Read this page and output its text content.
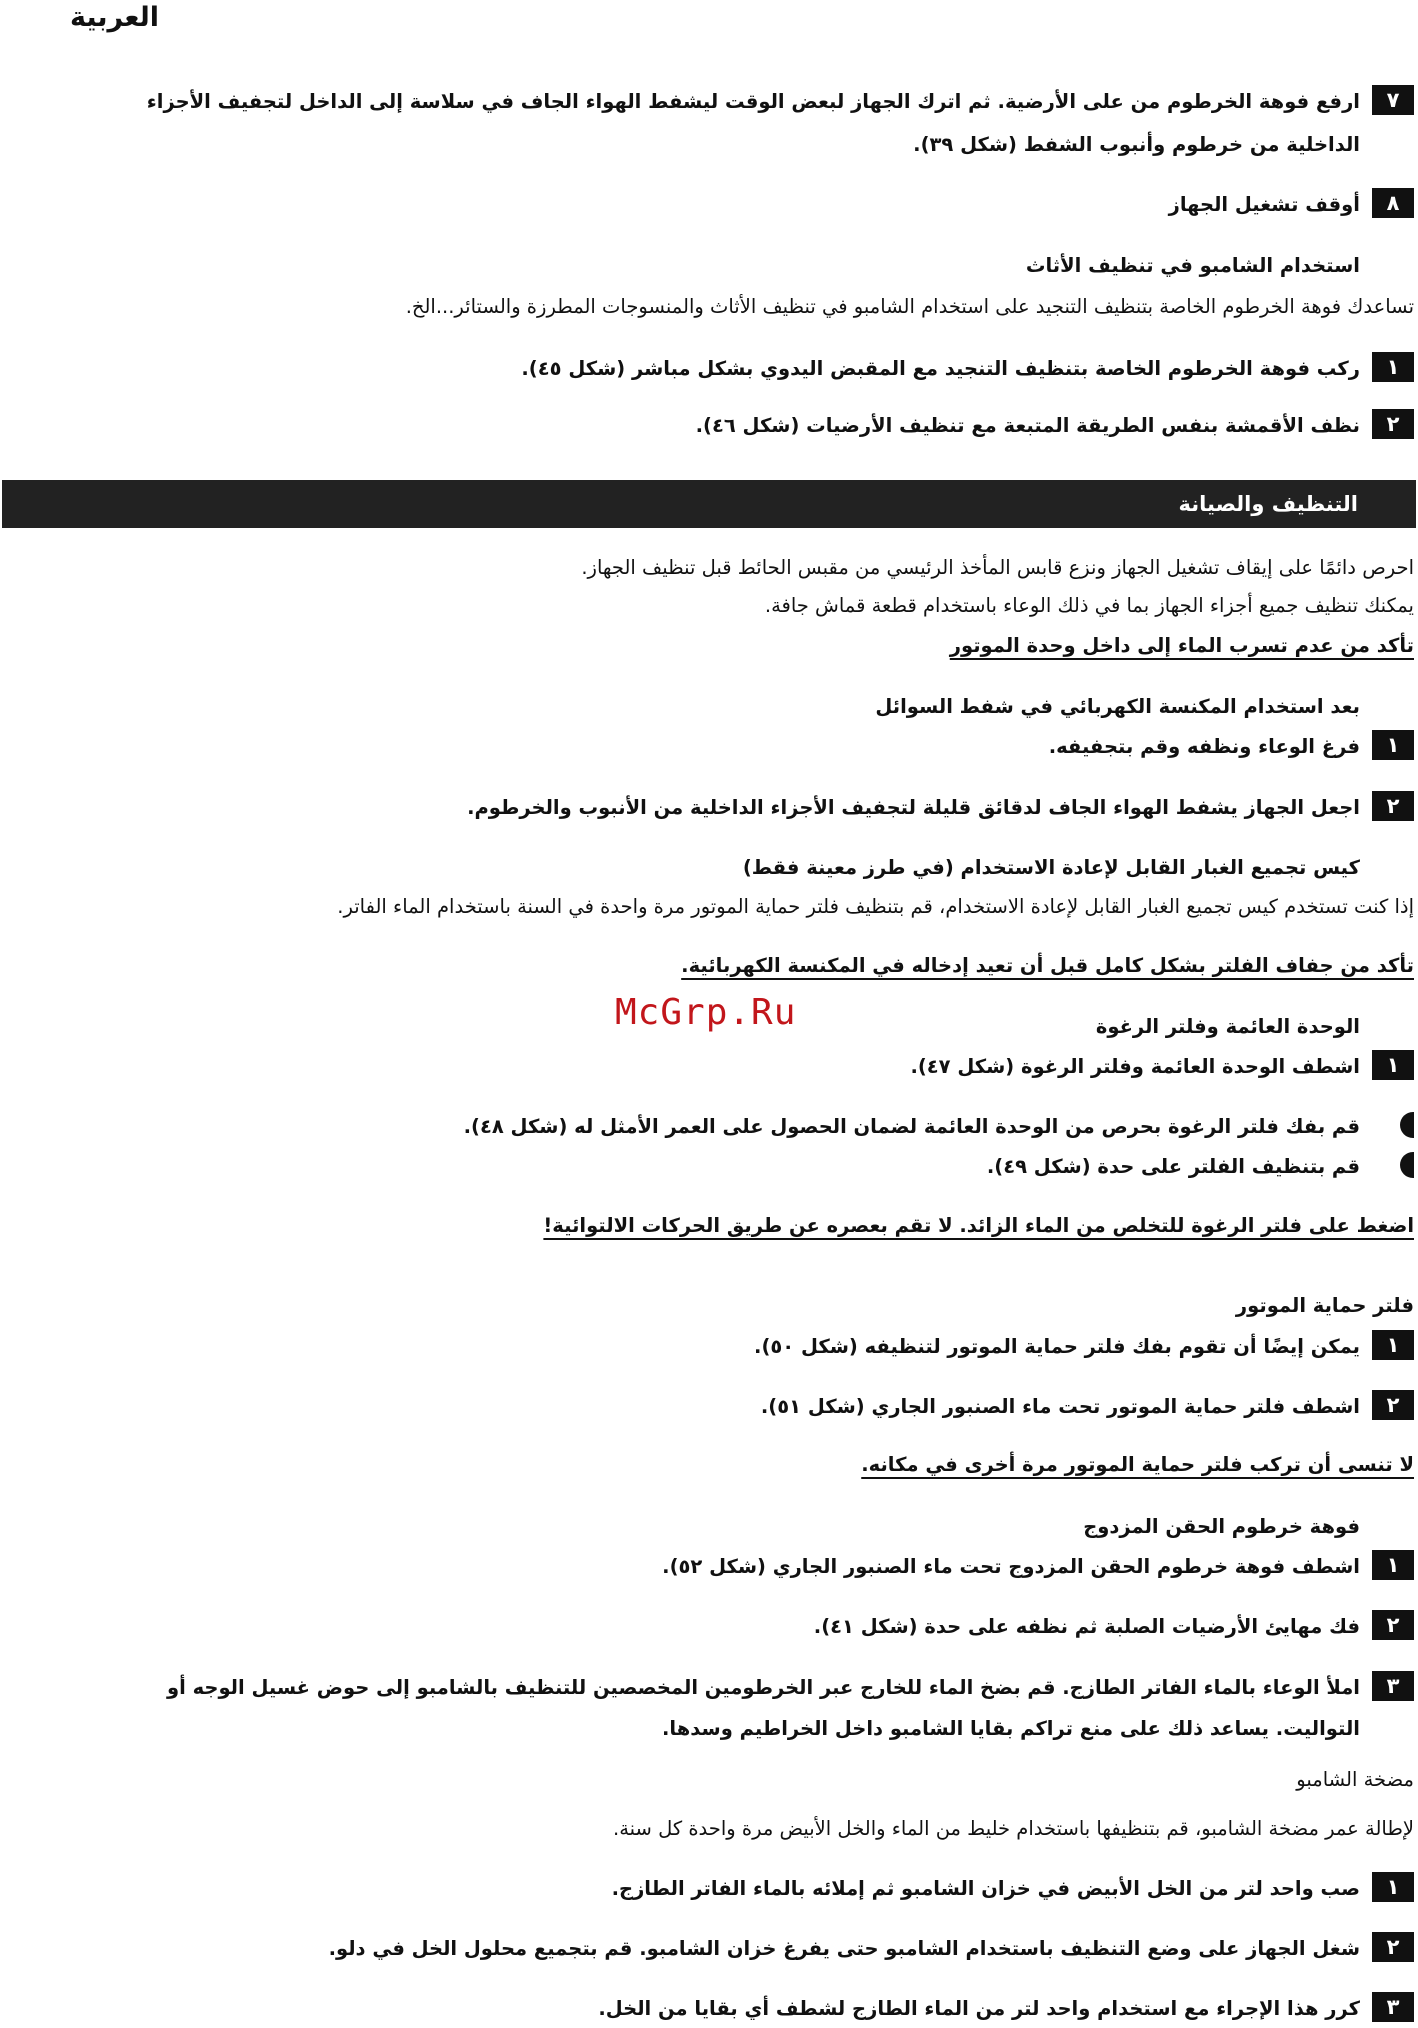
العربية
٧
ارفع فوهة الخرطوم من على الأرضية. ثم اترك الجهاز لبعض الوقت ليشفط الهواء الجاف في سلاسة إلى الداخل لتجفيف الأجزاء
الداخلية من خرطوم وأنبوب الشفط (شكل ٣٩).
٨
أوقف تشغيل الجهاز
استخدام الشامبو في تنظيف الأثاث
تساعدك فوهة الخرطوم الخاصة بتنظيف التنجيد على استخدام الشامبو في تنظيف الأثاث والمنسوجات المطرزة والستائر...الخ.
١
ركب فوهة الخرطوم الخاصة بتنظيف التنجيد مع المقبض اليدوي بشكل مباشر (شكل ٤٥).
٢
نظف الأقمشة بنفس الطريقة المتبعة مع تنظيف الأرضيات (شكل ٤٦).
التنظيف والصيانة
احرص دائمًا على إيقاف تشغيل الجهاز ونزع قابس المأخذ الرئيسي من مقبس الحائط قبل تنظيف الجهاز.
يمكنك تنظيف جميع أجزاء الجهاز بما في ذلك الوعاء باستخدام قطعة قماش جافة.
تأكد من عدم تسرب الماء إلى داخل وحدة الموتور
بعد استخدام المكنسة الكهربائي في شفط السوائل
١
فرغ الوعاء ونظفه وقم بتجفيفه.
٢
اجعل الجهاز يشفط الهواء الجاف لدقائق قليلة لتجفيف الأجزاء الداخلية من الأنبوب والخرطوم.
كيس تجميع الغبار القابل لإعادة الاستخدام (في طرز معينة فقط)
إذا كنت تستخدم كيس تجميع الغبار القابل لإعادة الاستخدام، قم بتنظيف فلتر حماية الموتور مرة واحدة في السنة باستخدام الماء الفاتر.
تأكد من جفاف الفلتر بشكل كامل قبل أن تعيد إدخاله في المكنسة الكهربائية.
الوحدة العائمة وفلتر الرغوة
١
اشطف الوحدة العائمة وفلتر الرغوة (شكل ٤٧).
قم بفك فلتر الرغوة بحرص من الوحدة العائمة لضمان الحصول على العمر الأمثل له (شكل ٤٨).
قم بتنظيف الفلتر على حدة (شكل ٤٩).
اضغط على فلتر الرغوة للتخلص من الماء الزائد. لا تقم بعصره عن طريق الحركات الالتوائية!
فلتر حماية الموتور
١
يمكن إيضًا أن تقوم بفك فلتر حماية الموتور لتنظيفه (شكل ٥٠).
٢
اشطف فلتر حماية الموتور تحت ماء الصنبور الجاري (شكل ٥١).
لا تنسى أن تركب فلتر حماية الموتور مرة أخرى في مكانه.
فوهة خرطوم الحقن المزدوج
١
اشطف فوهة خرطوم الحقن المزدوج تحت ماء الصنبور الجاري (شكل ٥٢).
٢
فك مهايئ الأرضيات الصلبة ثم نظفه على حدة (شكل ٤١).
٣
املأ الوعاء بالماء الفاتر الطازج. قم بضخ الماء للخارج عبر الخرطومين المخصصين للتنظيف بالشامبو إلى حوض غسيل الوجه أو
التواليت. يساعد ذلك على منع تراكم بقايا الشامبو داخل الخراطيم وسدها.
مضخة الشامبو
لإطالة عمر مضخة الشامبو، قم بتنظيفها باستخدام خليط من الماء والخل الأبيض مرة واحدة كل سنة.
١
صب واحد لتر من الخل الأبيض في خزان الشامبو ثم إملائه بالماء الفاتر الطازج.
٢
شغل الجهاز على وضع التنظيف باستخدام الشامبو حتى يفرغ خزان الشامبو. قم بتجميع محلول الخل في دلو.
٣
كرر هذا الإجراء مع استخدام واحد لتر من الماء الطازج لشطف أي بقايا من الخل.
McGrp.Ru
